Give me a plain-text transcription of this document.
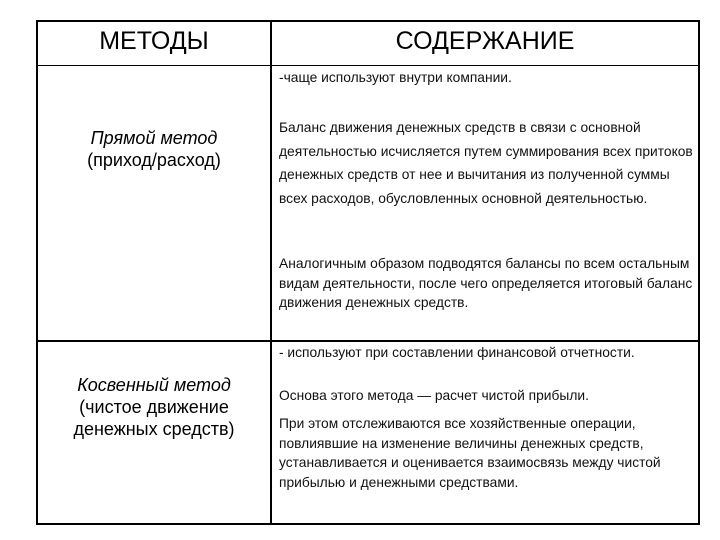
МЕТОДЫ	СОДЕРЖАНИЕ
Прямой метод
(приход/расход)
-чаще используют внутри компании.
Баланс движения денежных средств в связи с основной деятельностью исчисляется путем суммирования всех притоков денежных средств от нее и вычитания из полученной суммы всех расходов, обусловленных основной деятельностью.
Аналогичным образом подводятся балансы по всем остальным видам деятельности, после чего определяется итоговый баланс движения денежных средств.
Косвенный метод
(чистое движение денежных средств)
- используют при составлении финансовой отчетности.
Основа этого метода — расчет чистой прибыли.
При этом отслеживаются все хозяйственные операции, повлиявшие на изменение величины денежных средств, устанавливается и оценивается взаимосвязь между чистой прибылью и денежными средствами.
